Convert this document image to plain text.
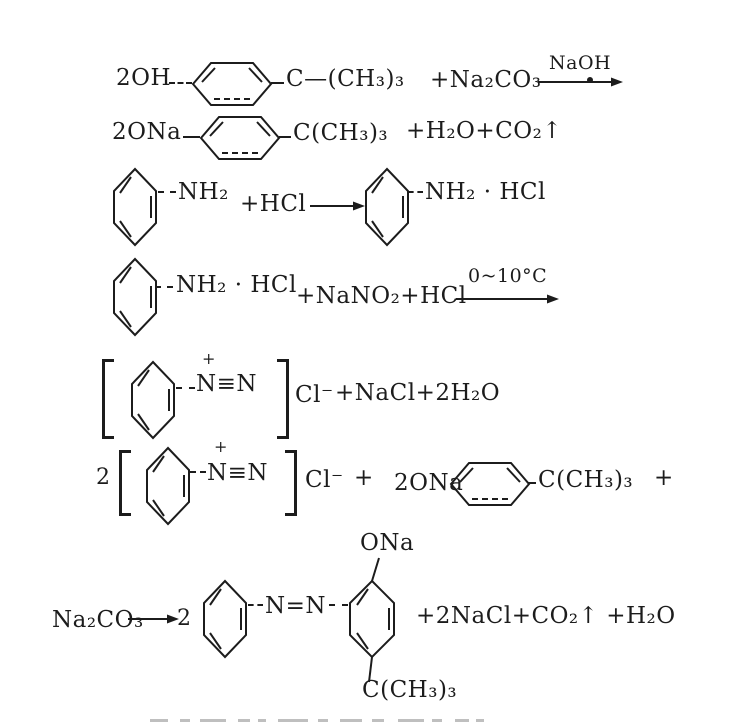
2OH	C—(CH₃)₃ +Na₂CO₃
NaOH
2ONa	C(CH₃)₃ +H₂O+CO₂↑
NH₂ +HCl →
NH₂ · HCl
NH₂ · HCl +NaNO₂+HCl
0~10°C
+
N≡N Cl⁻ +NaCl+2H₂O
2
+
N≡N Cl⁻ + 2ONa	C(CH₃)₃ +
Na₂CO₃ 2	N=N
ONa
C(CH₃)₃
+2NaCl+CO₂↑ +H₂O
